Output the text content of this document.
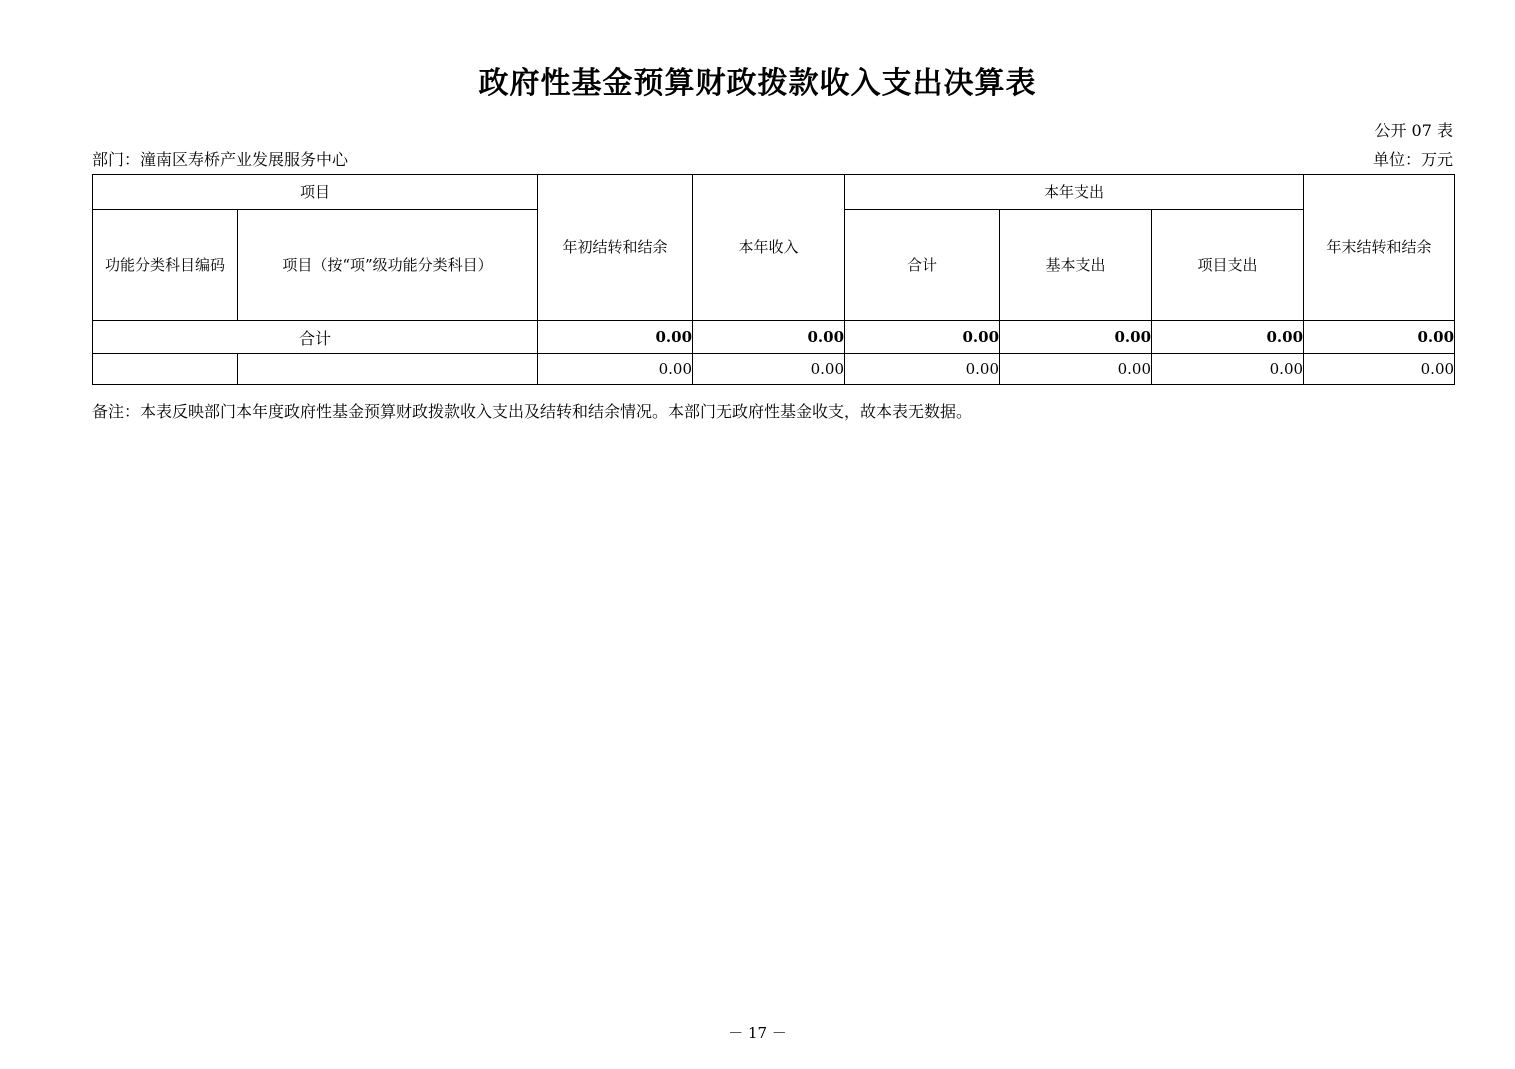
政府性基金预算财政拨款收入支出决算表
公开 07 表
部门：潼南区寿桥产业发展服务中心	单位：万元
项目		年初结转和结余	本年收入	本年支出			年末结转和结余
功能分类科目编码	项目（按“项”级功能分类科目）			合计	基本支出	项目支出	
合计		0.00	0.00	0.00	0.00	0.00	0.00
		0.00	0.00	0.00	0.00	0.00	0.00
备注：本表反映部门本年度政府性基金预算财政拨款收入支出及结转和结余情况。本部门无政府性基金收支，故本表无数据。
－ 17 －
